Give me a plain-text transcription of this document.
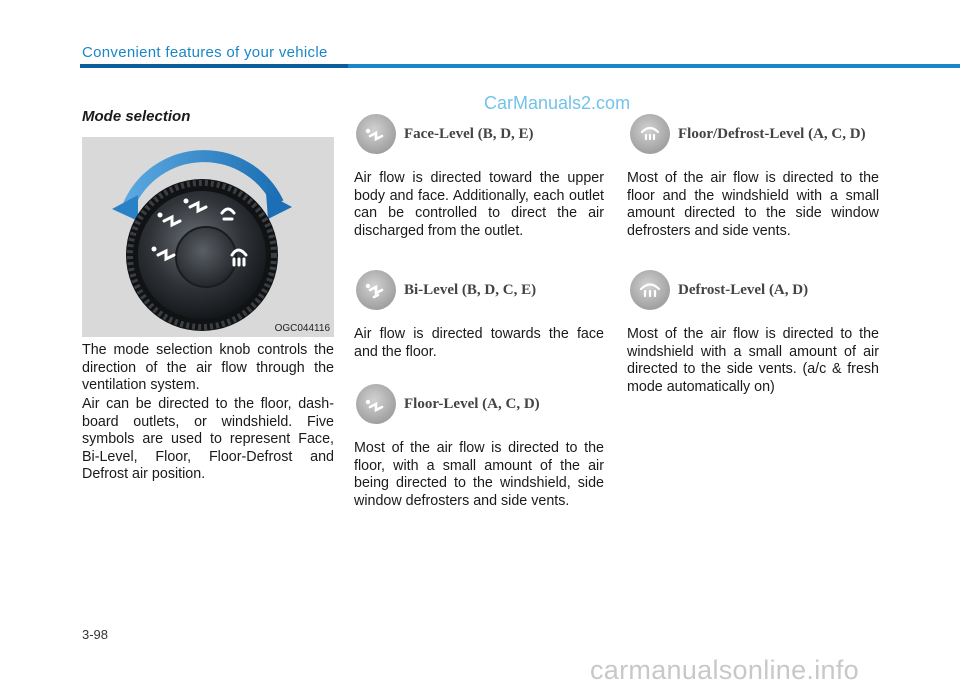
Convenient features of your vehicle
CarManuals2.com
Mode selection
OGC044116
The mode selection knob controls the direction of the air flow through the ventilation system.
Air can be directed to the floor, dash-board outlets, or windshield. Five symbols are used to represent Face, Bi-Level, Floor, Floor-Defrost and Defrost air position.
Face-Level (B, D, E)
Air flow is directed toward the upper body and face. Additionally, each outlet can be controlled to direct the air discharged from the outlet.
Bi-Level (B, D, C, E)
Air flow is directed towards the face and the floor.
Floor-Level (A, C, D)
Most of the air flow is directed to the floor, with a small amount of the air being directed to the windshield, side window defrosters and side vents.
Floor/Defrost-Level (A, C, D)
Most of the air flow is directed to the floor and the windshield with a small amount directed to the side window defrosters and side vents.
Defrost-Level (A, D)
Most of the air flow is directed to the windshield with a small amount of air directed to the side vents. (a/c & fresh mode automatically on)
3-98
carmanualsonline.info
